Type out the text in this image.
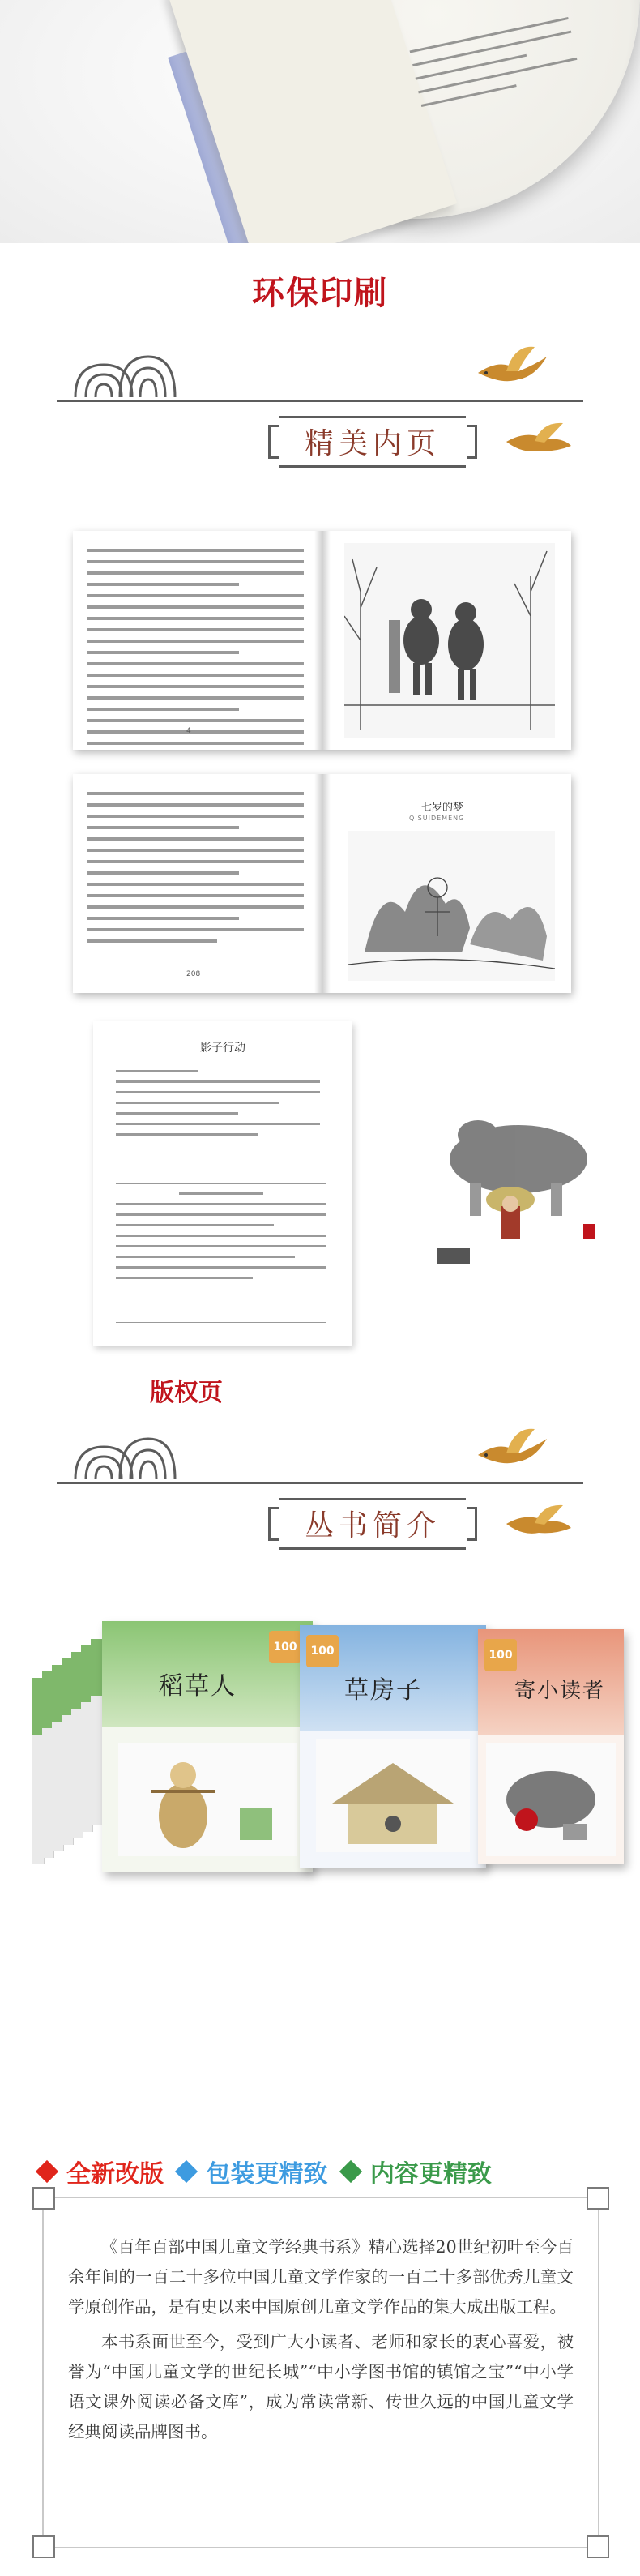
环保印刷
精美内页
4
208
七岁的梦
QISUIDEMENG
影子行动
版权页
丛书简介
100
稻草人
100
草房子
100
寄小读者
全新改版 包装更精致 内容更精致

《百年百部中国儿童文学经典书系》精心选择20世纪初叶至今百余年间的一百二十多位中国儿童文学作家的一百二十多部优秀儿童文学原创作品，是有史以来中国原创儿童文学作品的集大成出版工程。

本书系面世至今，受到广大小读者、老师和家长的衷心喜爱，被誉为“中国儿童文学的世纪长城”“中小学图书馆的镇馆之宝”“中小学语文课外阅读必备文库”，成为常读常新、传世久远的中国儿童文学经典阅读品牌图书。
